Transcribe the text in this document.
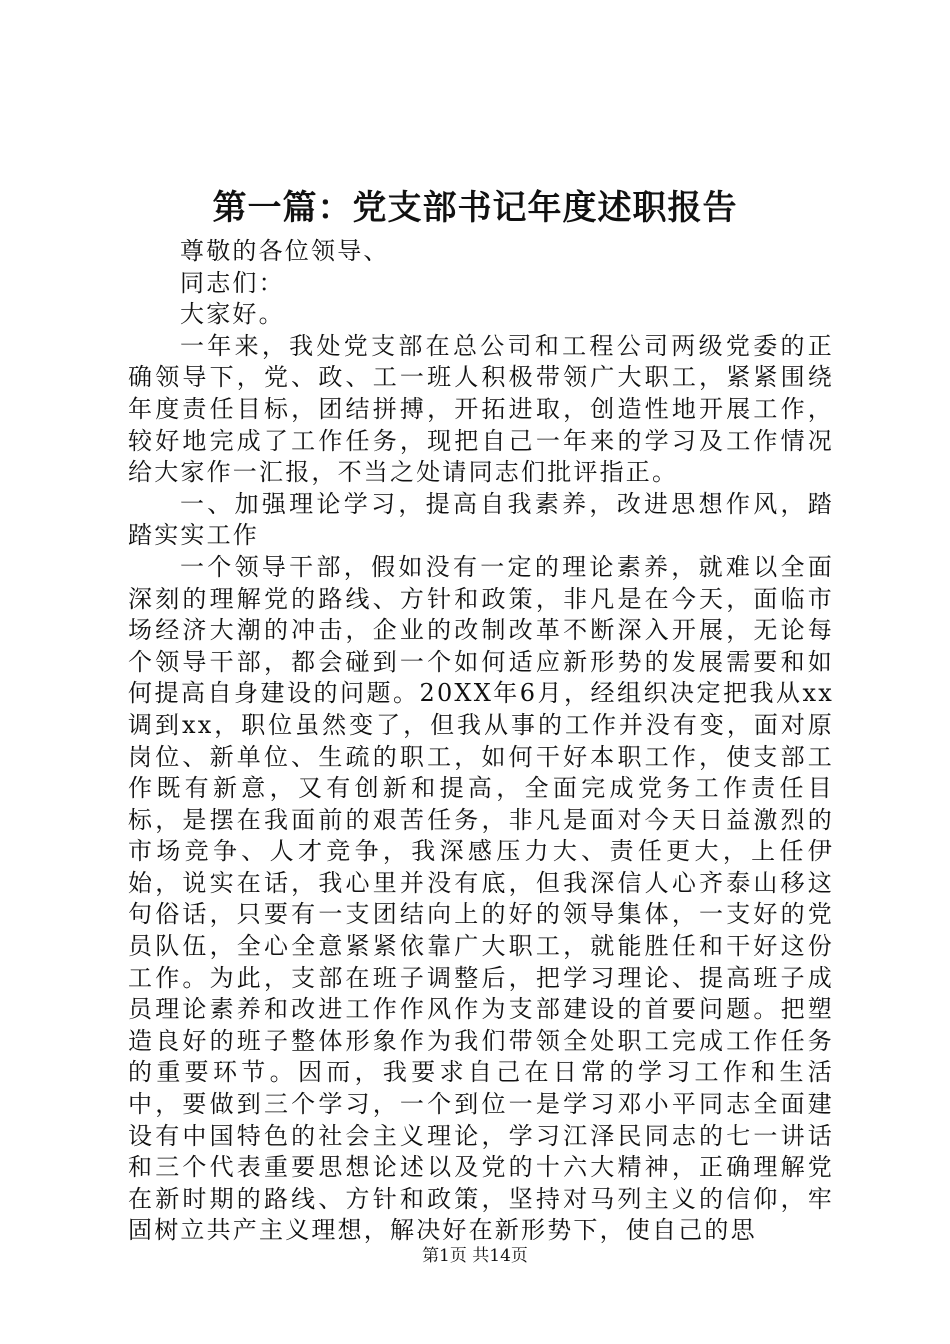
第一篇：党支部书记年度述职报告

尊敬的各位领导、

同志们：

大家好。

一年来，我处党支部在总公司和工程公司两级党委的正确领导下，党、政、工一班人积极带领广大职工，紧紧围绕年度责任目标，团结拼搏，开拓进取，创造性地开展工作，较好地完成了工作任务，现把自己一年来的学习及工作情况给大家作一汇报，不当之处请同志们批评指正。

一、加强理论学习，提高自我素养，改进思想作风，踏踏实实工作

一个领导干部，假如没有一定的理论素养，就难以全面深刻的理解党的路线、方针和政策，非凡是在今天，面临市场经济大潮的冲击，企业的改制改革不断深入开展，无论每个领导干部，都会碰到一个如何适应新形势的发展需要和如何提高自身建设的问题。20XX年6月，经组织决定把我从xx调到xx，职位虽然变了，但我从事的工作并没有变，面对原岗位、新单位、生疏的职工，如何干好本职工作，使支部工作既有新意，又有创新和提高，全面完成党务工作责任目标，是摆在我面前的艰苦任务，非凡是面对今天日益激烈的市场竞争、人才竞争，我深感压力大、责任更大，上任伊始，说实在话，我心里并没有底，但我深信人心齐泰山移这句俗话，只要有一支团结向上的好的领导集体，一支好的党员队伍，全心全意紧紧依靠广大职工，就能胜任和干好这份工作。为此，支部在班子调整后，把学习理论、提高班子成员理论素养和改进工作作风作为支部建设的首要问题。把塑造良好的班子整体形象作为我们带领全处职工完成工作任务的重要环节。因而，我要求自己在日常的学习工作和生活中，要做到三个学习，一个到位一是学习邓小平同志全面建设有中国特色的社会主义理论，学习江泽民同志的七一讲话和三个代表重要思想论述以及党的十六大精神，正确理解党在新时期的路线、方针和政策，坚持对马列主义的信仰，牢固树立共产主义理想，解决好在新形势下，使自己的思

第1页 共14页
